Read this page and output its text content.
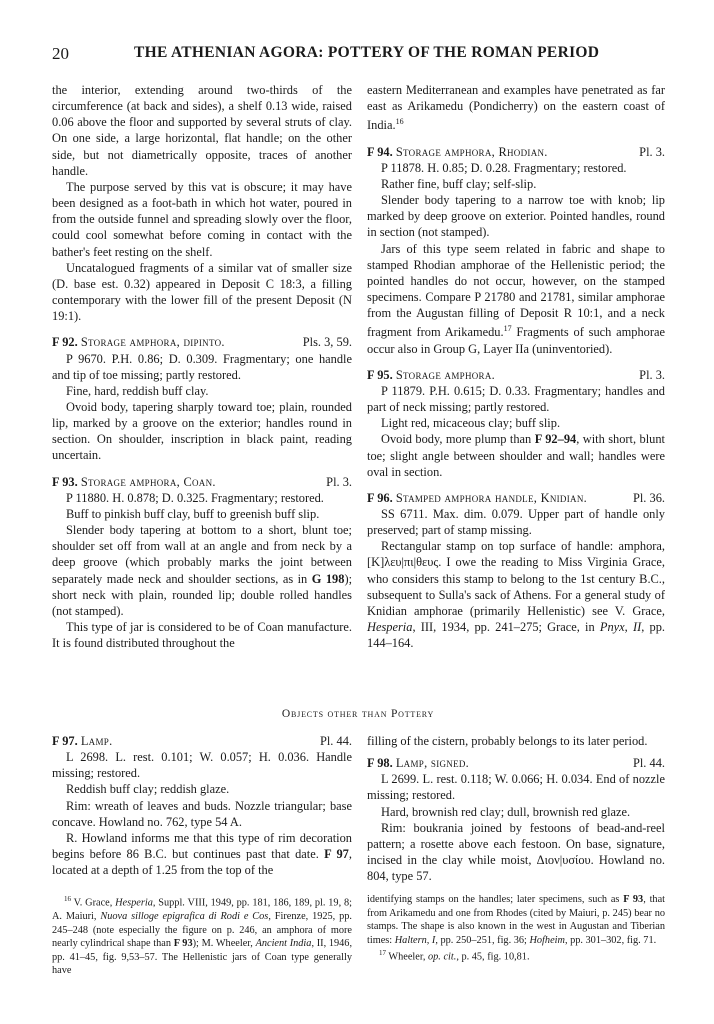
20	THE ATHENIAN AGORA: POTTERY OF THE ROMAN PERIOD

the interior, extending around two-thirds of the circumference (at back and sides), a shelf 0.13 wide, raised 0.06 above the floor and supported by several struts of clay. On one side, a large horizontal, flat handle; on the other side, but not diametrically opposite, traces of another handle.

The purpose served by this vat is obscure; it may have been designed as a foot-bath in which hot water, poured in from the outside funnel and spreading slowly over the floor, could cool somewhat before coming in contact with the bather's feet resting on the shelf.

Uncatalogued fragments of a similar vat of smaller size (D. base est. 0.32) appeared in Deposit C 18:3, a filling contemporary with the lower fill of the present Deposit (N 19:1).

F 92. Storage amphora, dipinto.	Pls. 3, 59.

P 9670. P.H. 0.86; D. 0.309. Fragmentary; one handle and tip of toe missing; partly restored.

Fine, hard, reddish buff clay.

Ovoid body, tapering sharply toward toe; plain, rounded lip, marked by a groove on the exterior; handles round in section. On shoulder, inscription in black paint, reading uncertain.

F 93. Storage amphora, Coan.	Pl. 3.

P 11880. H. 0.878; D. 0.325. Fragmentary; restored.

Buff to pinkish buff clay, buff to greenish buff slip.

Slender body tapering at bottom to a short, blunt toe; shoulder set off from wall at an angle and from neck by a deep groove (which probably marks the joint between separately made neck and shoulder sections, as in G 198); short neck with plain, rounded lip; double rolled handles (not stamped).

This type of jar is considered to be of Coan manufacture. It is found distributed throughout the

eastern Mediterranean and examples have penetrated as far east as Arikamedu (Pondicherry) on the eastern coast of India.$^{16}$

F 94. Storage amphora, Rhodian.	Pl. 3.

P 11878. H. 0.85; D. 0.28. Fragmentary; restored.

Rather fine, buff clay; self-slip.

Slender body tapering to a narrow toe with knob; lip marked by deep groove on exterior. Pointed handles, round in section (not stamped).

Jars of this type seem related in fabric and shape to stamped Rhodian amphorae of the Hellenistic period; the pointed handles do not occur, however, on the stamped specimens. Compare P 21780 and 21781, similar amphorae from the Augustan filling of Deposit R 10:1, and a neck fragment from Arikamedu.$^{17}$ Fragments of such amphorae occur also in Group G, Layer IIa (uninventoried).

F 95. Storage amphora.	Pl. 3.

P 11879. P.H. 0.615; D. 0.33. Fragmentary; handles and part of neck missing; partly restored.

Light red, micaceous clay; buff slip.

Ovoid body, more plump than F 92–94, with short, blunt toe; slight angle between shoulder and wall; handles were oval in section.

F 96. Stamped amphora handle, Knidian.	Pl. 36.

SS 6711. Max. dim. 0.079. Upper part of handle only preserved; part of stamp missing.

Rectangular stamp on top surface of handle: amphora, [Κ]λευ|πι|θευς. I owe the reading to Miss Virginia Grace, who considers this stamp to belong to the 1st century B.C., subsequent to Sulla's sack of Athens. For a general study of Knidian amphorae (primarily Hellenistic) see V. Grace, Hesperia, III, 1934, pp. 241–275; Grace, in Pnyx, II, pp. 144–164.

Objects other than Pottery
F 97. Lamp.	Pl. 44.

L 2698. L. rest. 0.101; W. 0.057; H. 0.036. Handle missing; restored.

Reddish buff clay; reddish glaze.

Rim: wreath of leaves and buds. Nozzle triangular; base concave. Howland no. 762, type 54 A.

R. Howland informs me that this type of rim decoration begins before 86 B.C. but continues past that date. F 97, located at a depth of 1.25 from the top of the

filling of the cistern, probably belongs to its later period.

F 98. Lamp, signed.	Pl. 44.

L 2699. L. rest. 0.118; W. 0.066; H. 0.034. End of nozzle missing; restored.

Hard, brownish red clay; dull, brownish red glaze.

Rim: boukrania joined by festoons of bead-and-reel pattern; a rosette above each festoon. On base, signature, incised in the clay while moist, Διον|υσίου. Howland no. 804, type 57.

$^{16}$ V. Grace, Hesperia, Suppl. VIII, 1949, pp. 181, 186, 189, pl. 19, 8; A. Maiuri, Nuova silloge epigrafica di Rodi e Cos, Firenze, 1925, pp. 245–248 (note especially the figure on p. 246, an amphora of more nearly cylindrical shape than F 93); M. Wheeler, Ancient India, II, 1946, pp. 41–45, fig. 9,53–57. The Hellenistic jars of Coan type generally have

identifying stamps on the handles; later specimens, such as F 93, that from Arikamedu and one from Rhodes (cited by Maiuri, p. 245) bear no stamps. The shape is also known in the west in Augustan and Tiberian times: Haltern, I, pp. 250–251, fig. 36; Hofheim, pp. 301–302, fig. 71.

$^{17}$ Wheeler, op. cit., p. 45, fig. 10,81.
